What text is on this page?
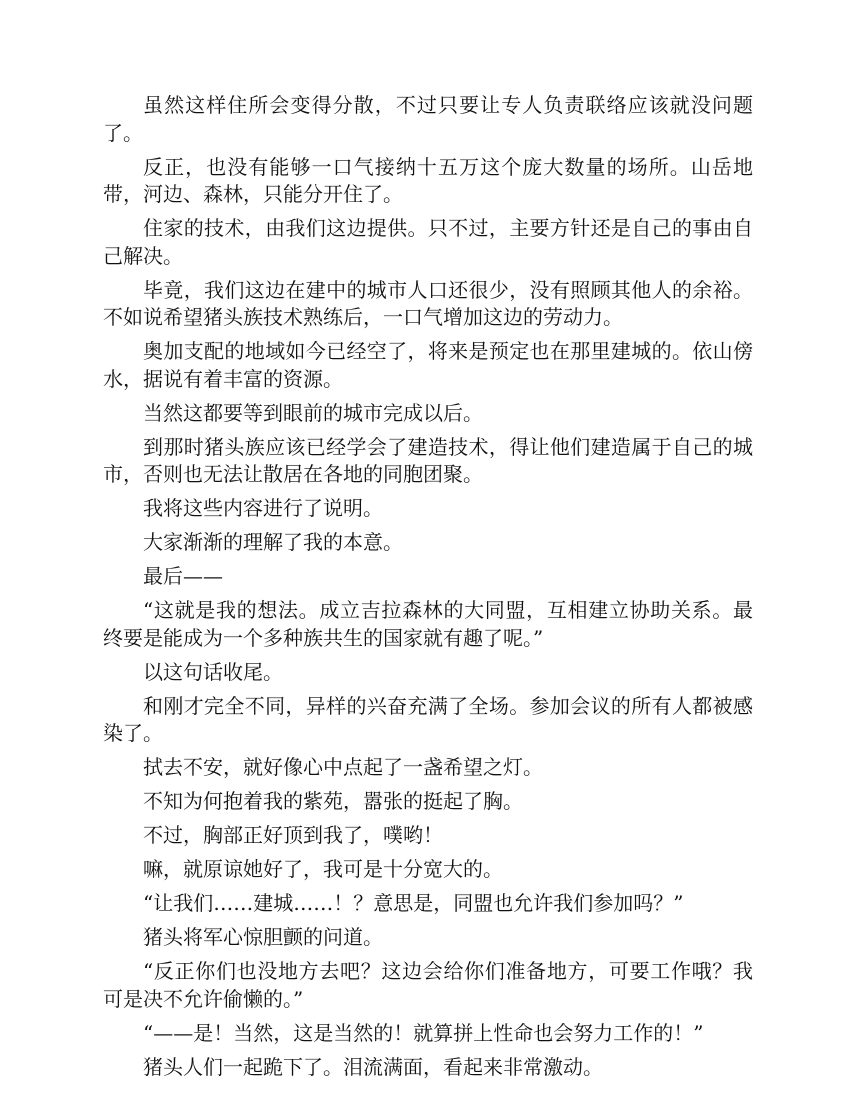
虽然这样住所会变得分散，不过只要让专人负责联络应该就没问题了。

反正，也没有能够一口气接纳十五万这个庞大数量的场所。山岳地带，河边、森林，只能分开住了。

住家的技术，由我们这边提供。只不过，主要方针还是自己的事由自己解决。

毕竟，我们这边在建中的城市人口还很少，没有照顾其他人的余裕。不如说希望猪头族技术熟练后，一口气增加这边的劳动力。

奥加支配的地域如今已经空了，将来是预定也在那里建城的。依山傍水，据说有着丰富的资源。

当然这都要等到眼前的城市完成以后。

到那时猪头族应该已经学会了建造技术，得让他们建造属于自己的城市，否则也无法让散居在各地的同胞团聚。

我将这些内容进行了说明。

大家渐渐的理解了我的本意。

最后——

“这就是我的想法。成立吉拉森林的大同盟，互相建立协助关系。最终要是能成为一个多种族共生的国家就有趣了呢。”

以这句话收尾。

和刚才完全不同，异样的兴奋充满了全场。参加会议的所有人都被感染了。

拭去不安，就好像心中点起了一盏希望之灯。

不知为何抱着我的紫苑，嚣张的挺起了胸。

不过，胸部正好顶到我了，噗哟！

嘛，就原谅她好了，我可是十分宽大的。

“让我们……建城……！？意思是，同盟也允许我们参加吗？”

猪头将军心惊胆颤的问道。

“反正你们也没地方去吧？这边会给你们准备地方，可要工作哦？我可是决不允许偷懒的。”

“——是！当然，这是当然的！就算拼上性命也会努力工作的！”

猪头人们一起跪下了。泪流满面，看起来非常激动。
